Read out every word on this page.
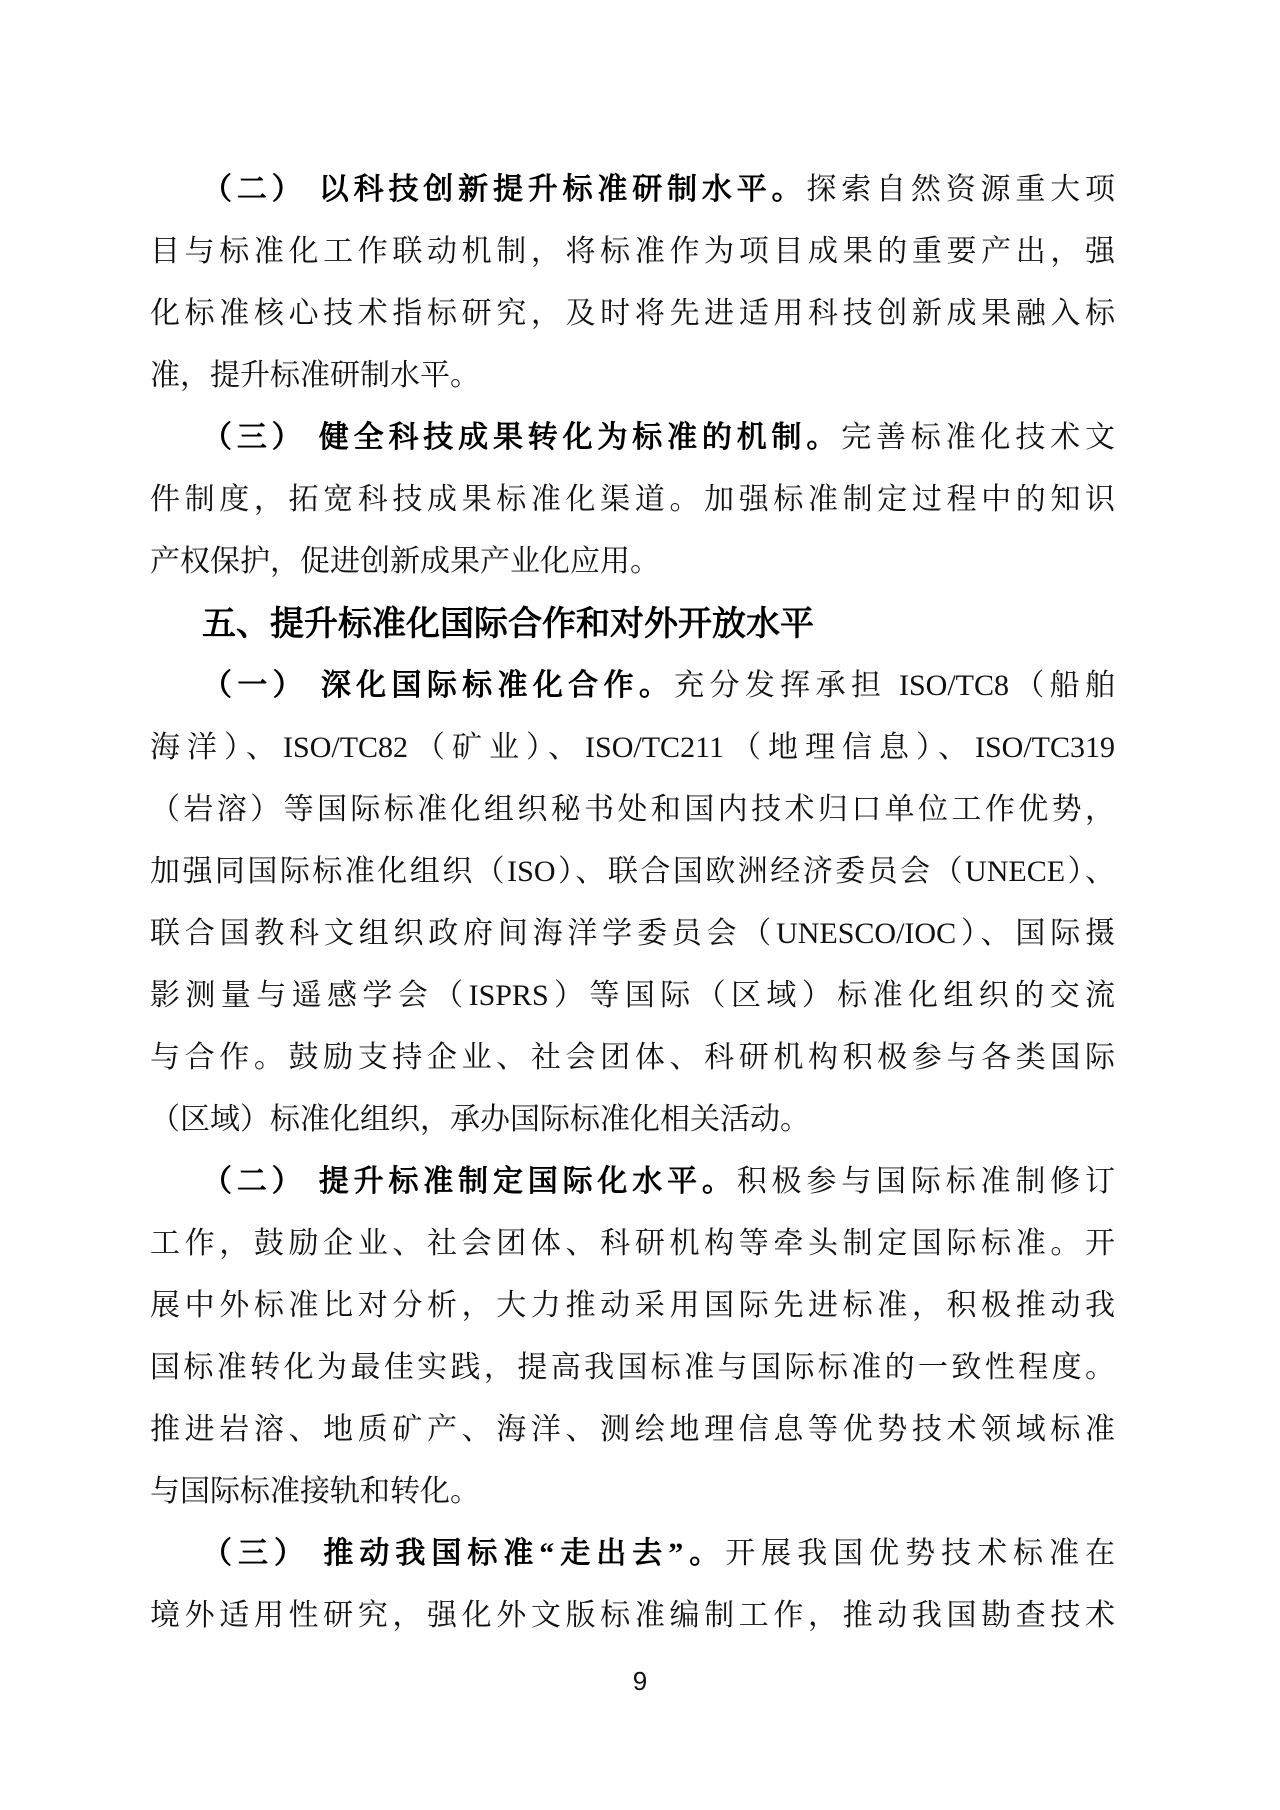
（二） 以科技创新提升标准研制水平。探索自然资源重大项
目与标准化工作联动机制，将标准作为项目成果的重要产出，强
化标准核心技术指标研究，及时将先进适用科技创新成果融入标
准，提升标准研制水平。
（三） 健全科技成果转化为标准的机制。完善标准化技术文
件制度，拓宽科技成果标准化渠道。加强标准制定过程中的知识
产权保护，促进创新成果产业化应用。
五、提升标准化国际合作和对外开放水平
（一） 深化国际标准化合作。充分发挥承担 ISO/TC8（船舶
海洋）、ISO/TC82（矿业）、ISO/TC211（地理信息）、ISO/TC319
（岩溶）等国际标准化组织秘书处和国内技术归口单位工作优势，
加强同国际标准化组织（ISO）、联合国欧洲经济委员会（UNECE）、
联合国教科文组织政府间海洋学委员会（UNESCO/IOC）、国际摄
影测量与遥感学会（ISPRS）等国际（区域）标准化组织的交流
与合作。鼓励支持企业、社会团体、科研机构积极参与各类国际
（区域）标准化组织，承办国际标准化相关活动。
（二） 提升标准制定国际化水平。积极参与国际标准制修订
工作，鼓励企业、社会团体、科研机构等牵头制定国际标准。开
展中外标准比对分析，大力推动采用国际先进标准，积极推动我
国标准转化为最佳实践，提高我国标准与国际标准的一致性程度。
推进岩溶、地质矿产、海洋、测绘地理信息等优势技术领域标准
与国际标准接轨和转化。
（三） 推动我国标准“走出去”。开展我国优势技术标准在
境外适用性研究，强化外文版标准编制工作，推动我国勘查技术
9
